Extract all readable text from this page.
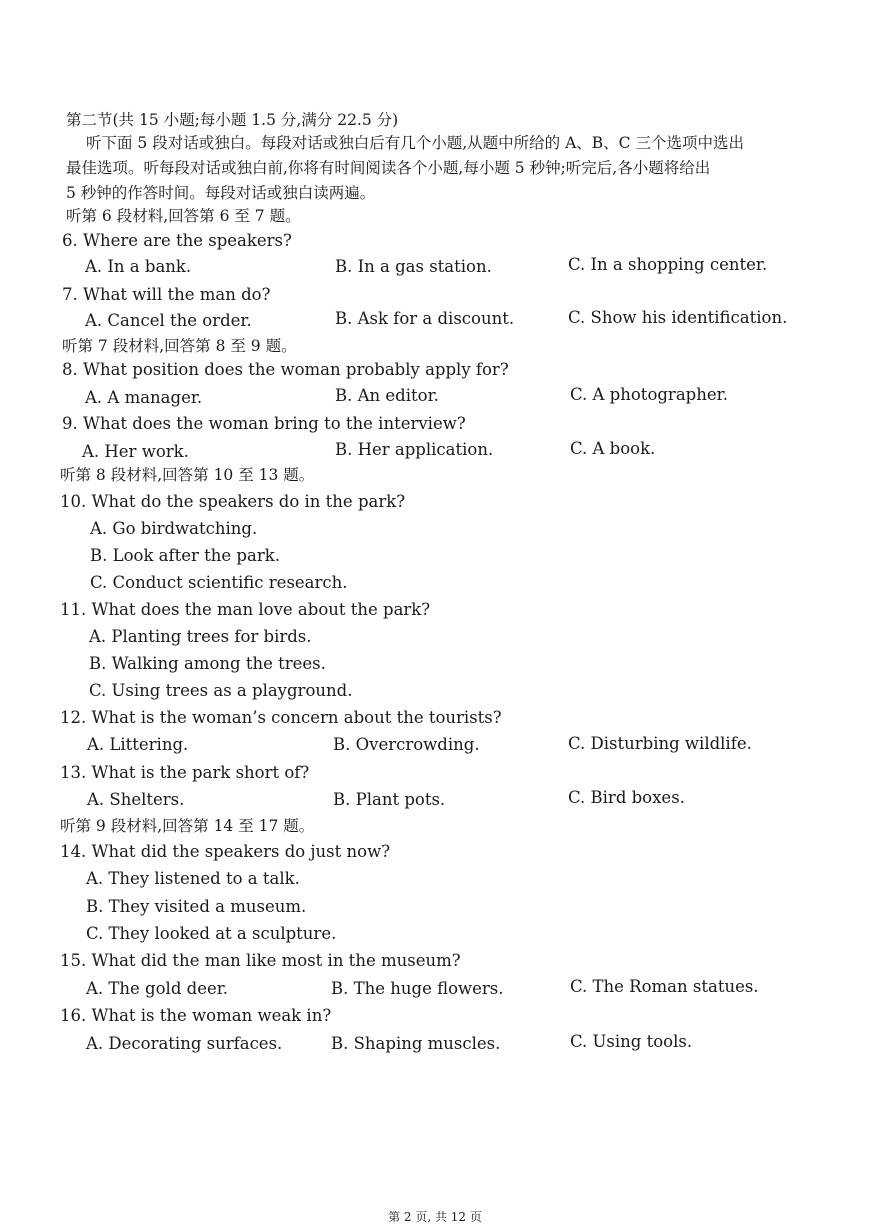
第二节(共 15 小题;每小题 1.5 分,满分 22.5 分)
听下面 5 段对话或独白。每段对话或独白后有几个小题,从题中所给的 A、B、C 三个选项中选出
最佳选项。听每段对话或独白前,你将有时间阅读各个小题,每小题 5 秒钟;听完后,各小题将给出
5 秒钟的作答时间。每段对话或独白读两遍。
听第 6 段材料,回答第 6 至 7 题。
6. Where are the speakers?
A. In a bank.	B. In a gas station.	C. In a shopping center.
7. What will the man do?
A. Cancel the order.	B. Ask for a discount.	C. Show his identification.
听第 7 段材料,回答第 8 至 9 题。
8. What position does the woman probably apply for?
A. A manager.	B. An editor.	C. A photographer.
9. What does the woman bring to the interview?
A. Her work.	B. Her application.	C. A book.
听第 8 段材料,回答第 10 至 13 题。
10. What do the speakers do in the park?
A. Go birdwatching.
B. Look after the park.
C. Conduct scientific research.
11. What does the man love about the park?
A. Planting trees for birds.
B. Walking among the trees.
C. Using trees as a playground.
12. What is the woman’s concern about the tourists?
A. Littering.	B. Overcrowding.	C. Disturbing wildlife.
13. What is the park short of?
A. Shelters.	B. Plant pots.	C. Bird boxes.
听第 9 段材料,回答第 14 至 17 题。
14. What did the speakers do just now?
A. They listened to a talk.
B. They visited a museum.
C. They looked at a sculpture.
15. What did the man like most in the museum?
A. The gold deer.	B. The huge flowers.	C. The Roman statues.
16. What is the woman weak in?
A. Decorating surfaces.	B. Shaping muscles.	C. Using tools.
第 2 页, 共 12 页
